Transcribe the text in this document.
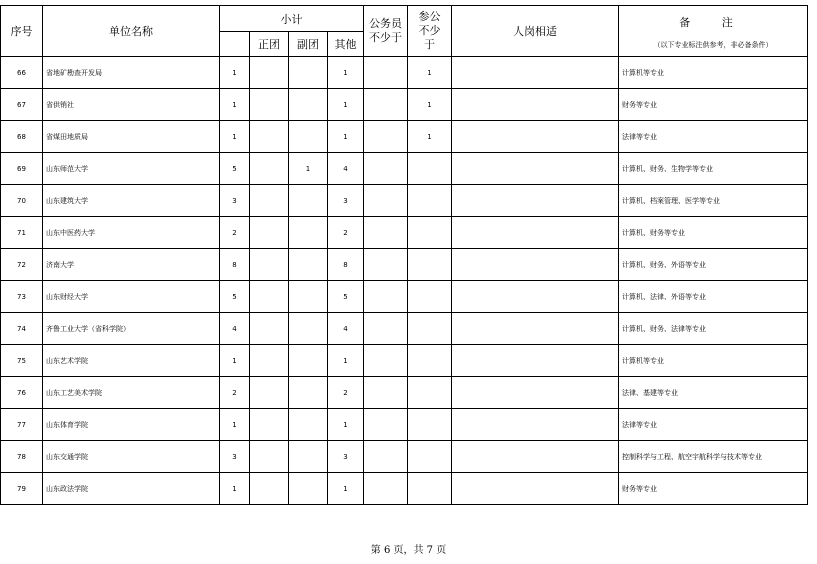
序号	单位名称	小计				公务员不少于	参公不少于	人岗相适	备 注
（以下专业标注供参考，非必备条件）

			正团	副团	其他				
66	省地矿勘查开发局	1			1		1		计算机等专业
67	省供销社	1			1		1		财务等专业
68	省煤田地质局	1			1		1		法律等专业
69	山东师范大学	5		1	4				计算机、财务、生物学等专业
70	山东建筑大学	3			3				计算机、档案管理、医学等专业
71	山东中医药大学	2			2				计算机、财务等专业
72	济南大学	8			8				计算机、财务、外语等专业
73	山东财经大学	5			5				计算机、法律、外语等专业
74	齐鲁工业大学（省科学院）	4			4				计算机、财务、法律等专业
75	山东艺术学院	1			1				计算机等专业
76	山东工艺美术学院	2			2				法律、基建等专业
77	山东体育学院	1			1				法律等专业
78	山东交通学院	3			3				控制科学与工程、航空宇航科学与技术等专业
79	山东政法学院	1			1				财务等专业
第 6 页，共 7 页
